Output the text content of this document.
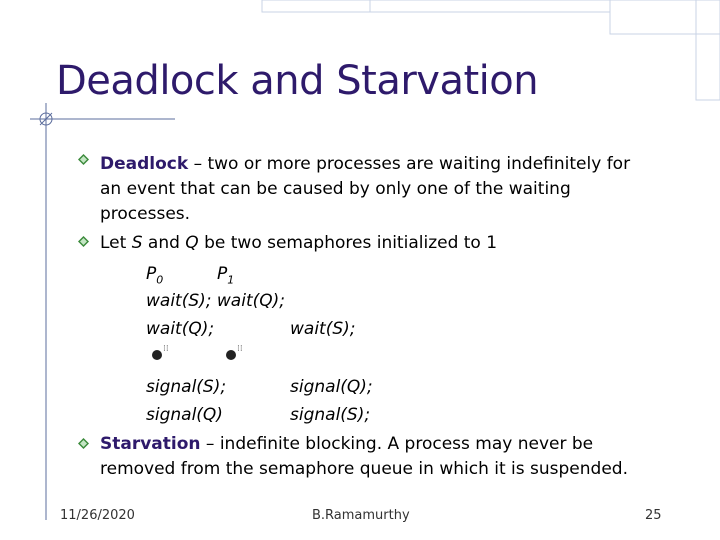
Deadlock and Starvation
Deadlock – two or more processes are waiting indefinitely for
an event that can be caused by only one of the waiting
processes.
Let S and Q be two semaphores initialized to 1
$P_0$	$P_1$
wait(S); wait(Q);
wait(Q);	wait(S);
⁞⁞	⁞⁞
signal(S);	signal(Q);
signal(Q)	signal(S);
Starvation – indefinite blocking. A process may never be
removed from the semaphore queue in which it is suspended.
11/26/2020	B.Ramamurthy	25
